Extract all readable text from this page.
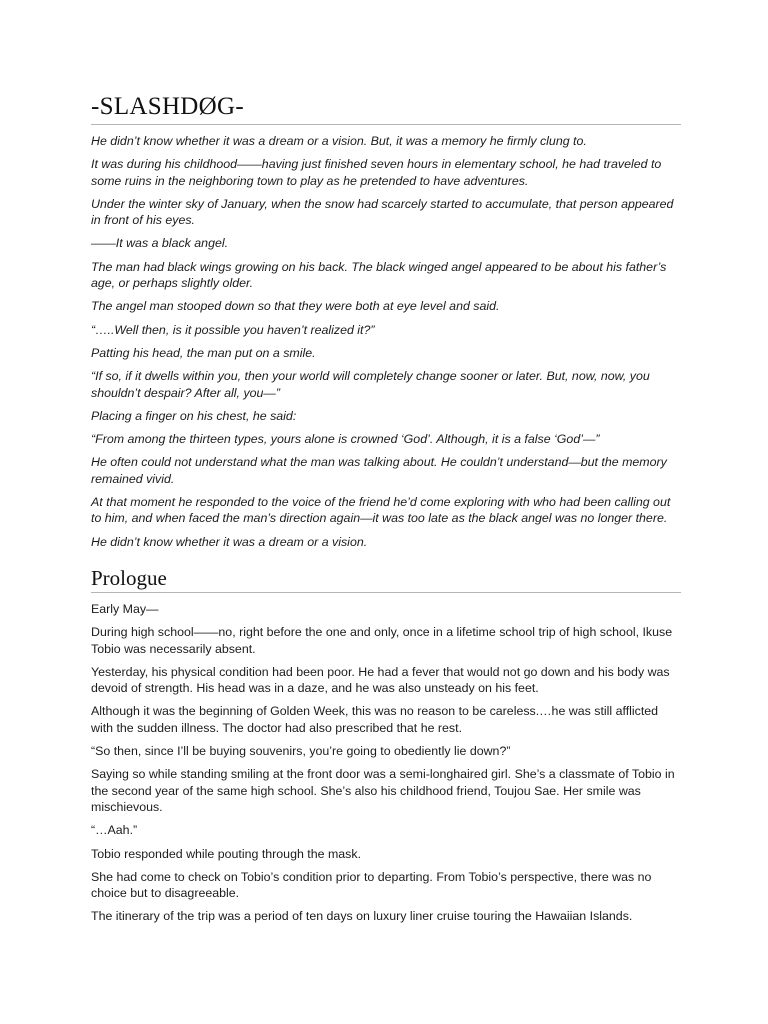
-SLASHDØG-

He didn’t know whether it was a dream or a vision. But, it was a memory he firmly clung to.

It was during his childhood——having just finished seven hours in elementary school, he had traveled to some ruins in the neighboring town to play as he pretended to have adventures.

Under the winter sky of January, when the snow had scarcely started to accumulate, that person appeared in front of his eyes.

——It was a black angel.

The man had black wings growing on his back. The black winged angel appeared to be about his father’s age, or perhaps slightly older.

The angel man stooped down so that they were both at eye level and said.

“…..Well then, is it possible you haven’t realized it?”

Patting his head, the man put on a smile.

“If so, if it dwells within you, then your world will completely change sooner or later. But, now, now, you shouldn’t despair? After all, you—”

Placing a finger on his chest, he said:

“From among the thirteen types, yours alone is crowned ‘God’. Although, it is a false ‘God’—”

He often could not understand what the man was talking about. He couldn’t understand—but the memory remained vivid.

At that moment he responded to the voice of the friend he’d come exploring with who had been calling out to him, and when faced the man’s direction again—it was too late as the black angel was no longer there.

He didn’t know whether it was a dream or a vision.

Prologue

Early May—

During high school——no, right before the one and only, once in a lifetime school trip of high school, Ikuse Tobio was necessarily absent.

Yesterday, his physical condition had been poor. He had a fever that would not go down and his body was devoid of strength. His head was in a daze, and he was also unsteady on his feet.

Although it was the beginning of Golden Week, this was no reason to be careless.…he was still afflicted with the sudden illness. The doctor had also prescribed that he rest.

“So then, since I’ll be buying souvenirs, you’re going to obediently lie down?”

Saying so while standing smiling at the front door was a semi-longhaired girl. She’s a classmate of Tobio in the second year of the same high school. She’s also his childhood friend, Toujou Sae. Her smile was mischievous.

“…Aah.”

Tobio responded while pouting through the mask.

She had come to check on Tobio’s condition prior to departing. From Tobio’s perspective, there was no choice but to disagreeable.

The itinerary of the trip was a period of ten days on luxury liner cruise touring the Hawaiian Islands.
